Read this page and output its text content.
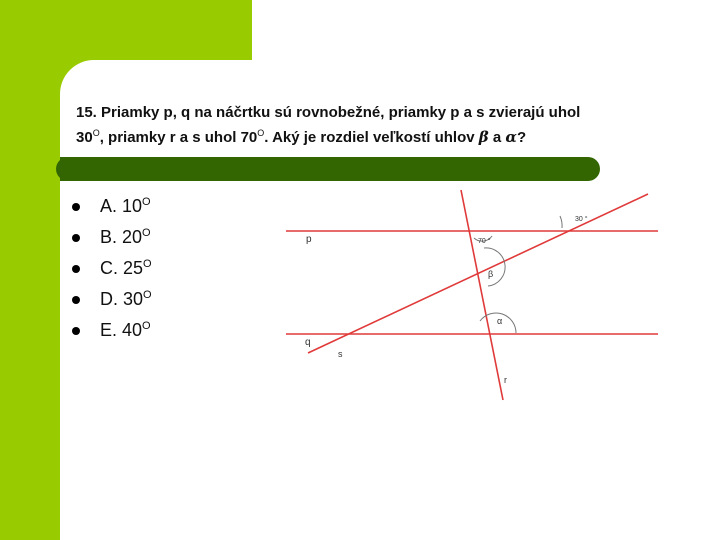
15. Priamky p, q na náčrtku sú rovnobežné, priamky p a s zvierajú uhol
$30^O$, priamky r a s uhol $70^O$. Aký je rozdiel veľkostí uhlov β a α?

A. $10^O$
B. $20^O$
C. $25^O$
D. $30^O$
E. $40^O$
p
q
s
r
30 °
70 °
β
α
